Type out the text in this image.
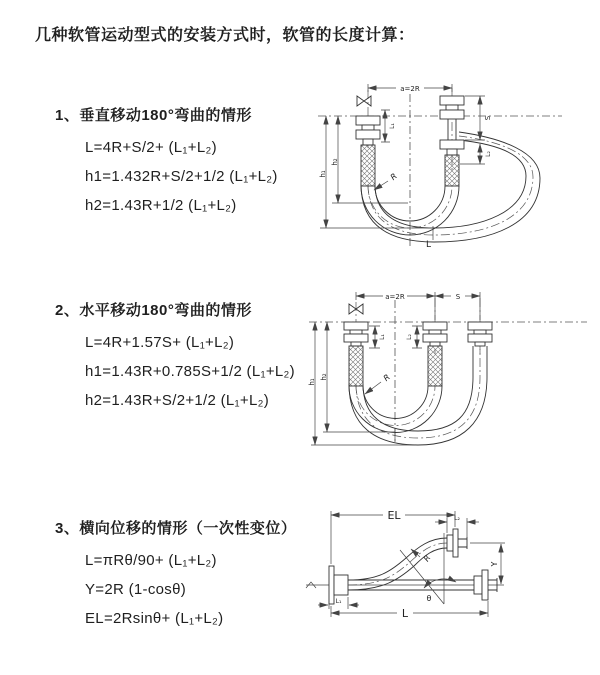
几种软管运动型式的安装方式时，软管的长度计算：
1、垂直移动180°弯曲的情形
L=4R+S/2+ (L₁+L₂)
h1=1.432R+S/2+1/2 (L₁+L₂)
h2=1.43R+1/2 (L₁+L₂)
2、水平移动180°弯曲的情形
L=4R+1.57S+ (L₁+L₂)
h1=1.43R+0.785S+1/2 (L₁+L₂)
h2=1.43R+S/2+1/2 (L₁+L₂)
3、横向位移的情形（一次性变位）
L=πRθ/90+ (L₁+L₂)
Y=2R (1-cosθ)
EL=2Rsinθ+ (L₁+L₂)
a=2R
L₁
S
L₂
h₂
h₁	R
L
a=2R	S
L₁	L₂
h₂
h₁	R
EL	L₂
Y
L
L₁
R
θ
